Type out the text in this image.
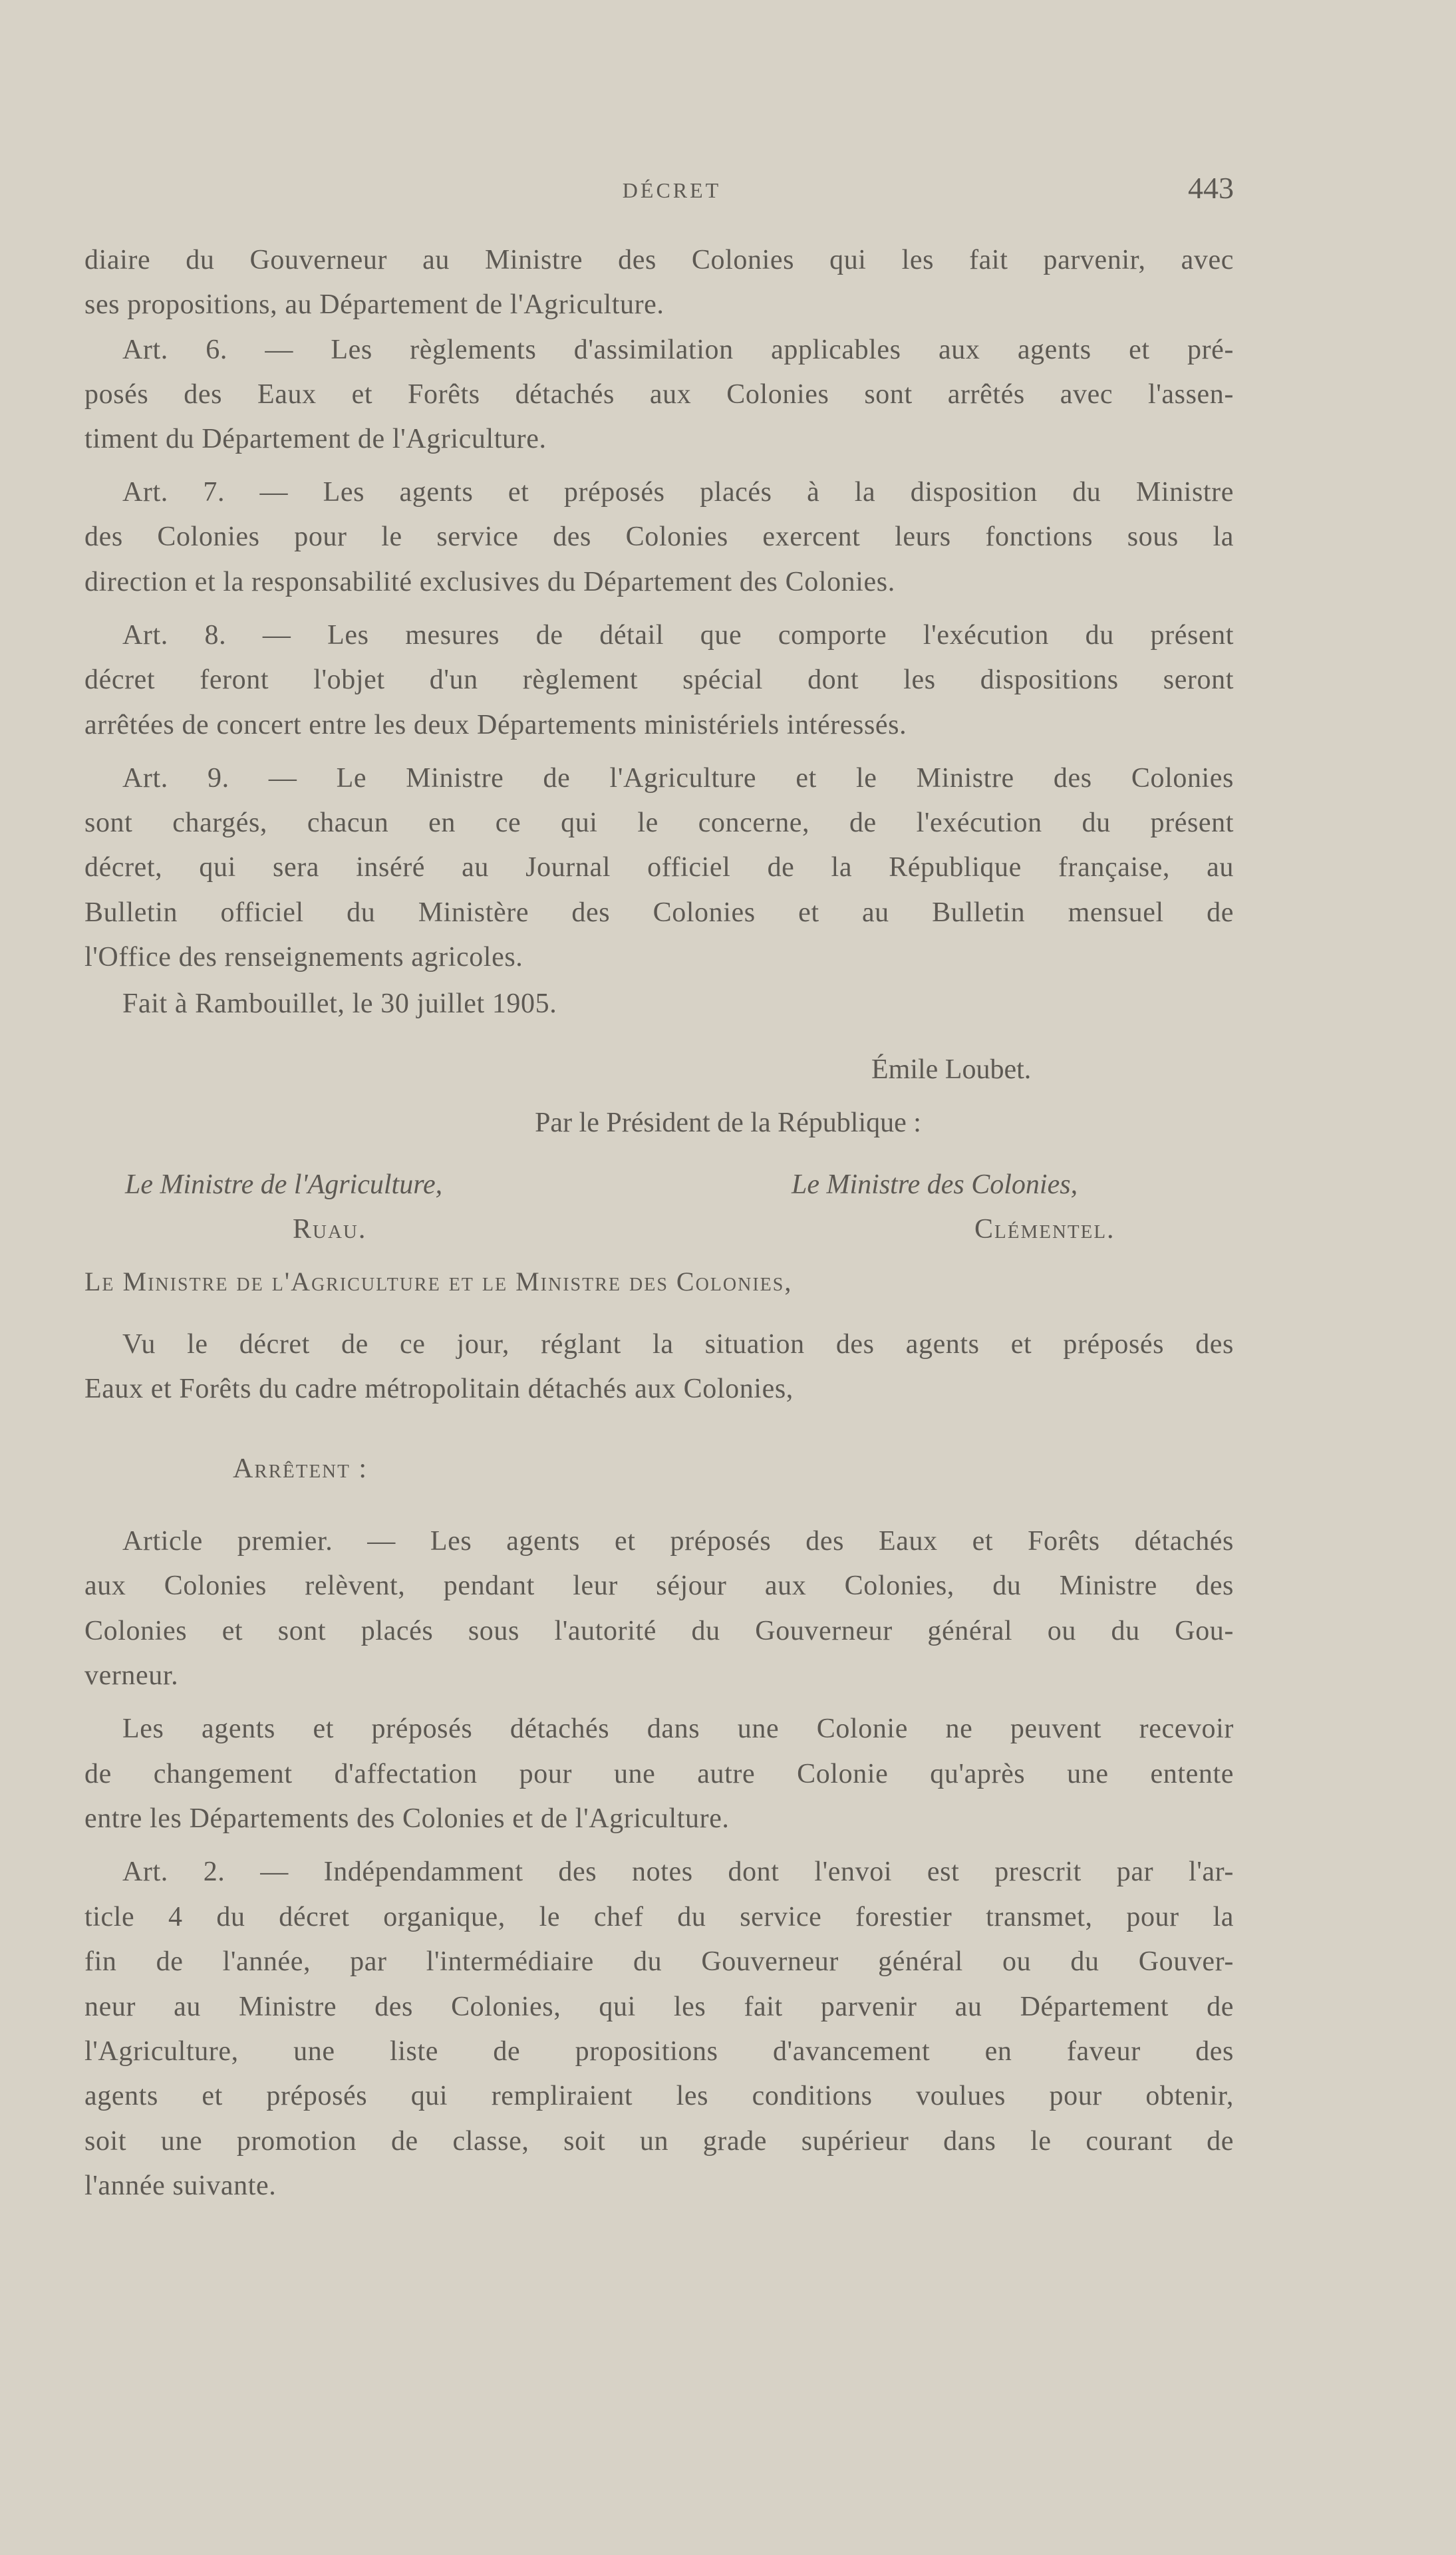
DÉCRET	443
diaire du Gouverneur au Ministre des Colonies qui les fait parvenir, avec
ses propositions, au Département de l'Agriculture.
Art. 6. — Les règlements d'assimilation applicables aux agents et pré-
posés des Eaux et Forêts détachés aux Colonies sont arrêtés avec l'assen-
timent du Département de l'Agriculture.
Art. 7. — Les agents et préposés placés à la disposition du Ministre
des Colonies pour le service des Colonies exercent leurs fonctions sous la
direction et la responsabilité exclusives du Département des Colonies.
Art. 8. — Les mesures de détail que comporte l'exécution du présent
décret feront l'objet d'un règlement spécial dont les dispositions seront
arrêtées de concert entre les deux Départements ministériels intéressés.
Art. 9. — Le Ministre de l'Agriculture et le Ministre des Colonies
sont chargés, chacun en ce qui le concerne, de l'exécution du présent
décret, qui sera inséré au Journal officiel de la République française, au
Bulletin officiel du Ministère des Colonies et au Bulletin mensuel de
l'Office des renseignements agricoles.
Fait à Rambouillet, le 30 juillet 1905.
Émile Loubet.
Par le Président de la République :
Le Ministre de l'Agriculture,
Ruau.
Le Ministre des Colonies,
Clémentel.
Le Ministre de l'Agriculture et le Ministre des Colonies,
Vu le décret de ce jour, réglant la situation des agents et préposés des
Eaux et Forêts du cadre métropolitain détachés aux Colonies,
Arrêtent :
Article premier. — Les agents et préposés des Eaux et Forêts détachés
aux Colonies relèvent, pendant leur séjour aux Colonies, du Ministre des
Colonies et sont placés sous l'autorité du Gouverneur général ou du Gou-
verneur.
Les agents et préposés détachés dans une Colonie ne peuvent recevoir
de changement d'affectation pour une autre Colonie qu'après une entente
entre les Départements des Colonies et de l'Agriculture.
Art. 2. — Indépendamment des notes dont l'envoi est prescrit par l'ar-
ticle 4 du décret organique, le chef du service forestier transmet, pour la
fin de l'année, par l'intermédiaire du Gouverneur général ou du Gouver-
neur au Ministre des Colonies, qui les fait parvenir au Département de
l'Agriculture, une liste de propositions d'avancement en faveur des
agents et préposés qui rempliraient les conditions voulues pour obtenir,
soit une promotion de classe, soit un grade supérieur dans le courant de
l'année suivante.
